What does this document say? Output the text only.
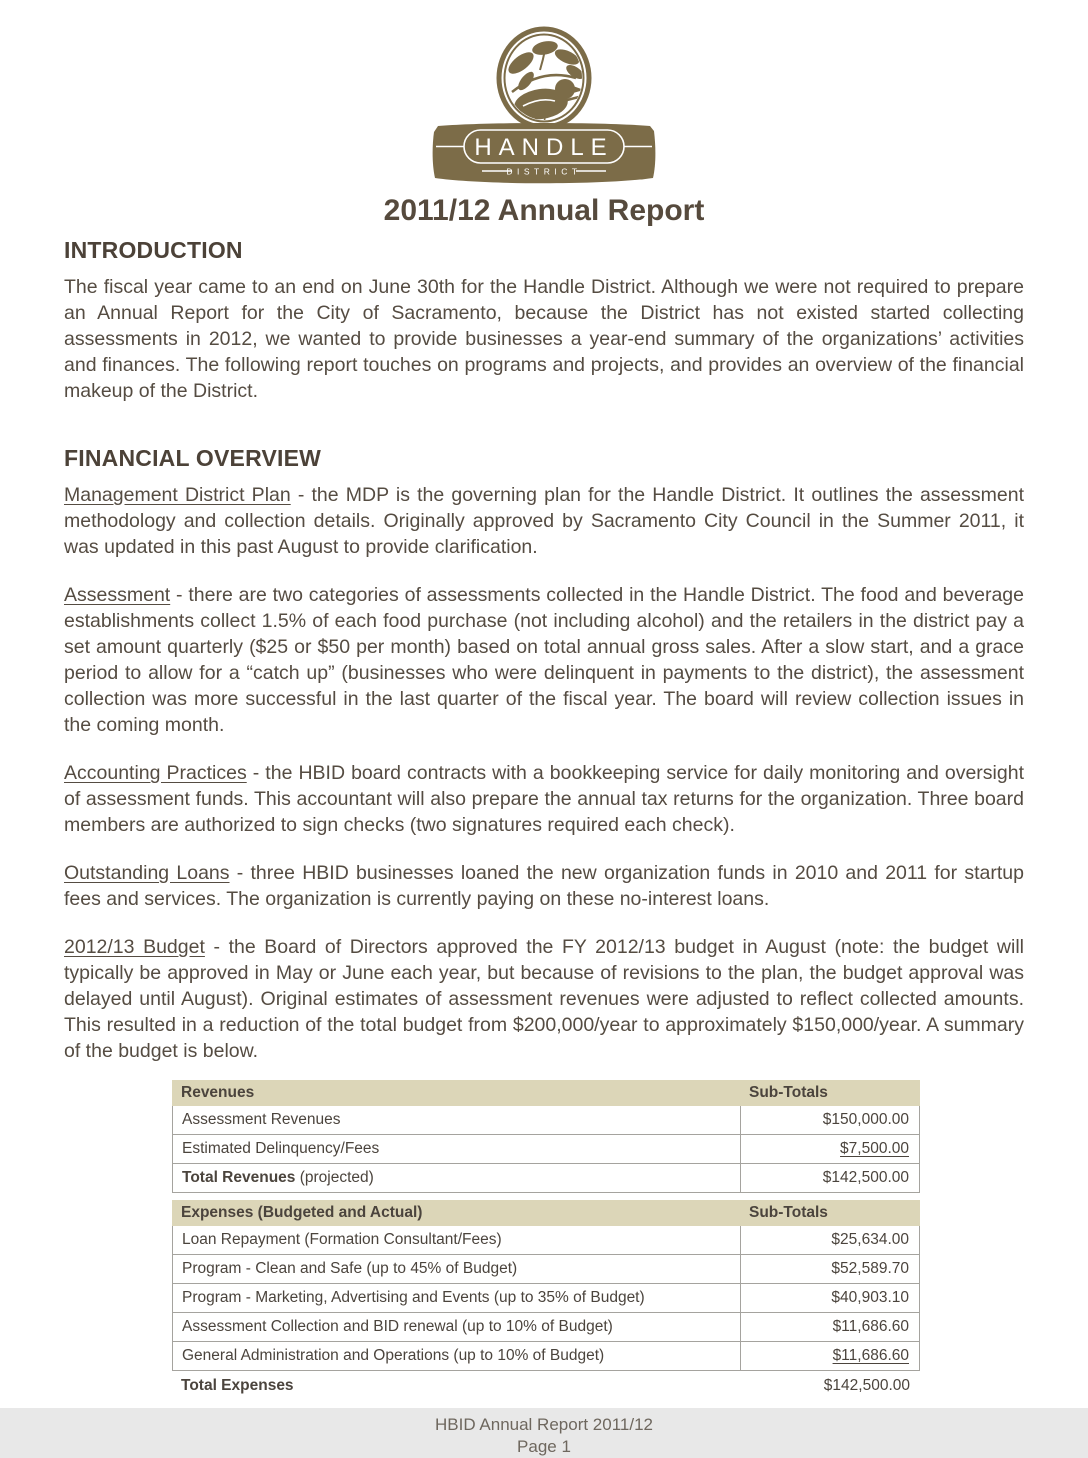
HANDLE
DISTRICT
2011/12 Annual Report
INTRODUCTION

The fiscal year came to an end on June 30th for the Handle District. Although we were not required to prepare an Annual Report for the City of Sacramento, because the District has not existed started collecting assessments in 2012, we wanted to provide businesses a year-end summary of the organizations’ activities and finances. The following report touches on programs and projects, and provides an overview of the financial makeup of the District.

FINANCIAL OVERVIEW

Management District Plan - the MDP is the governing plan for the Handle District. It outlines the assessment methodology and collection details. Originally approved by Sacramento City Council in the Summer 2011, it was updated in this past August to provide clarification.

Assessment - there are two categories of assessments collected in the Handle District. The food and beverage establishments collect 1.5% of each food purchase (not including alcohol) and the retailers in the district pay a set amount quarterly ($25 or $50 per month) based on total annual gross sales. After a slow start, and a grace period to allow for a “catch up” (businesses who were delinquent in payments to the district), the assessment collection was more successful in the last quarter of the fiscal year. The board will review collection issues in the coming month.

Accounting Practices - the HBID board contracts with a bookkeeping service for daily monitoring and oversight of assessment funds. This accountant will also prepare the annual tax returns for the organization. Three board members are authorized to sign checks (two signatures required each check).

Outstanding Loans - three HBID businesses loaned the new organization funds in 2010 and 2011 for startup fees and services. The organization is currently paying on these no-interest loans.

2012/13 Budget - the Board of Directors approved the FY 2012/13 budget in August (note: the budget will typically be approved in May or June each year, but because of revisions to the plan, the budget approval was delayed until August). Original estimates of assessment revenues were adjusted to reflect collected amounts. This resulted in a reduction of the total budget from $200,000/year to approximately $150,000/year. A summary of the budget is below.

Revenues	Sub-Totals
Assessment Revenues	$150,000.00
Estimated Delinquency/Fees	$7,500.00
Total Revenues (projected)	$142,500.00
Expenses (Budgeted and Actual)	Sub-Totals
Loan Repayment (Formation Consultant/Fees)	$25,634.00
Program - Clean and Safe (up to 45% of Budget)	$52,589.70
Program - Marketing, Advertising and Events (up to 35% of Budget)	$40,903.10
Assessment Collection and BID renewal (up to 10% of Budget)	$11,686.60
General Administration and Operations (up to 10% of Budget)	$11,686.60
Total Expenses	$142,500.00
HBID Annual Report 2011/12
Page 1
